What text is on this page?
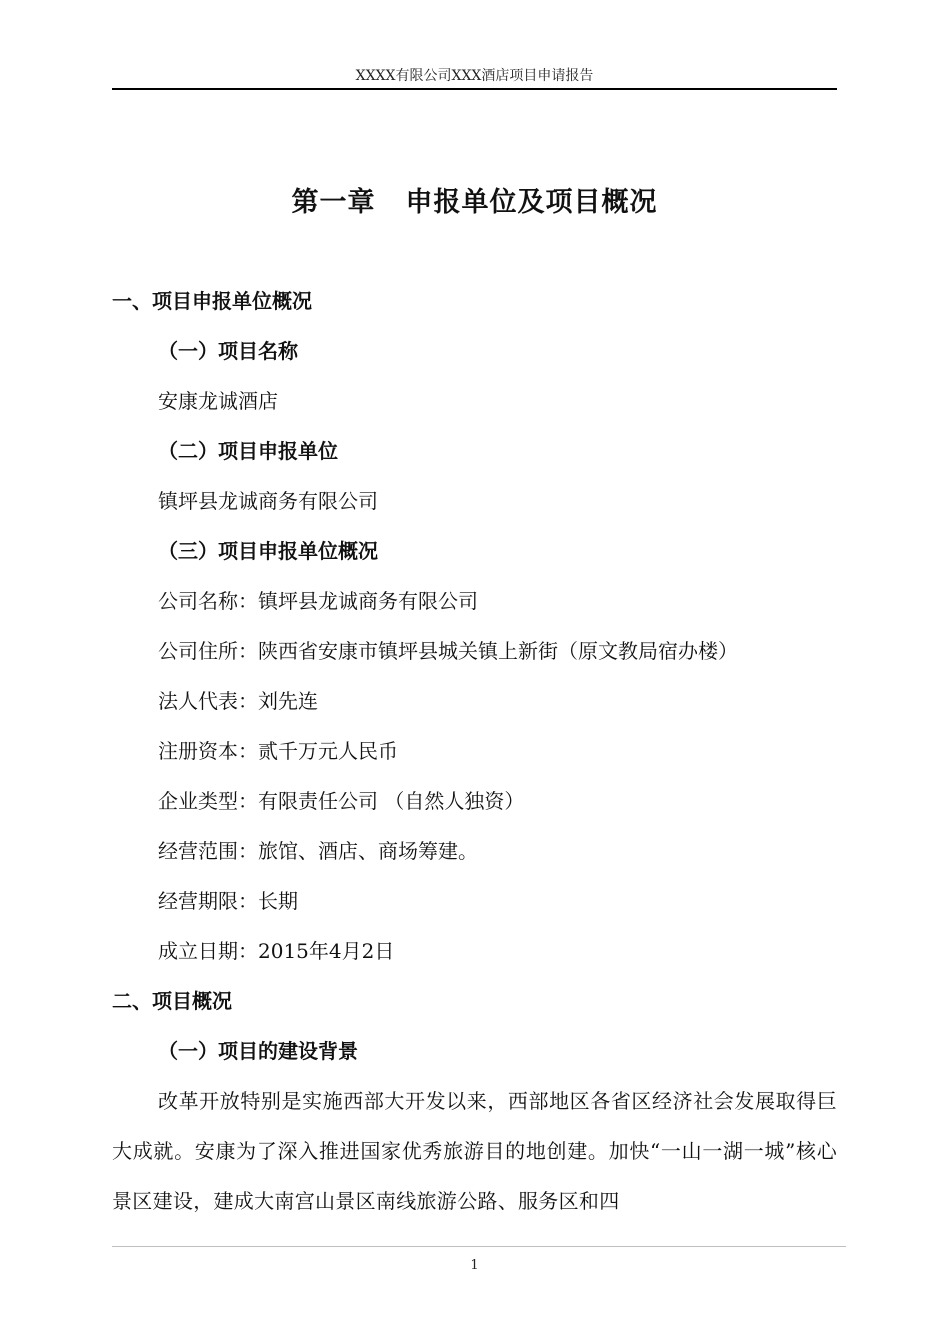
XXXX有限公司XXX酒店项目申请报告
第一章 申报单位及项目概况
一、项目申报单位概况
（一）项目名称
安康龙诚酒店
（二）项目申报单位
镇坪县龙诚商务有限公司
（三）项目申报单位概况
公司名称：镇坪县龙诚商务有限公司
公司住所：陕西省安康市镇坪县城关镇上新街（原文教局宿办楼）
法人代表：刘先连
注册资本：贰千万元人民币
企业类型：有限责任公司 （自然人独资）
经营范围：旅馆、酒店、商场筹建。
经营期限：长期
成立日期：2015年4月2日
二、项目概况
（一）项目的建设背景
改革开放特别是实施西部大开发以来，西部地区各省区经济社会发展取得巨大成就。安康为了深入推进国家优秀旅游目的地创建。加快“一山一湖一城”核心景区建设，建成大南宫山景区南线旅游公路、服务区和四
1
